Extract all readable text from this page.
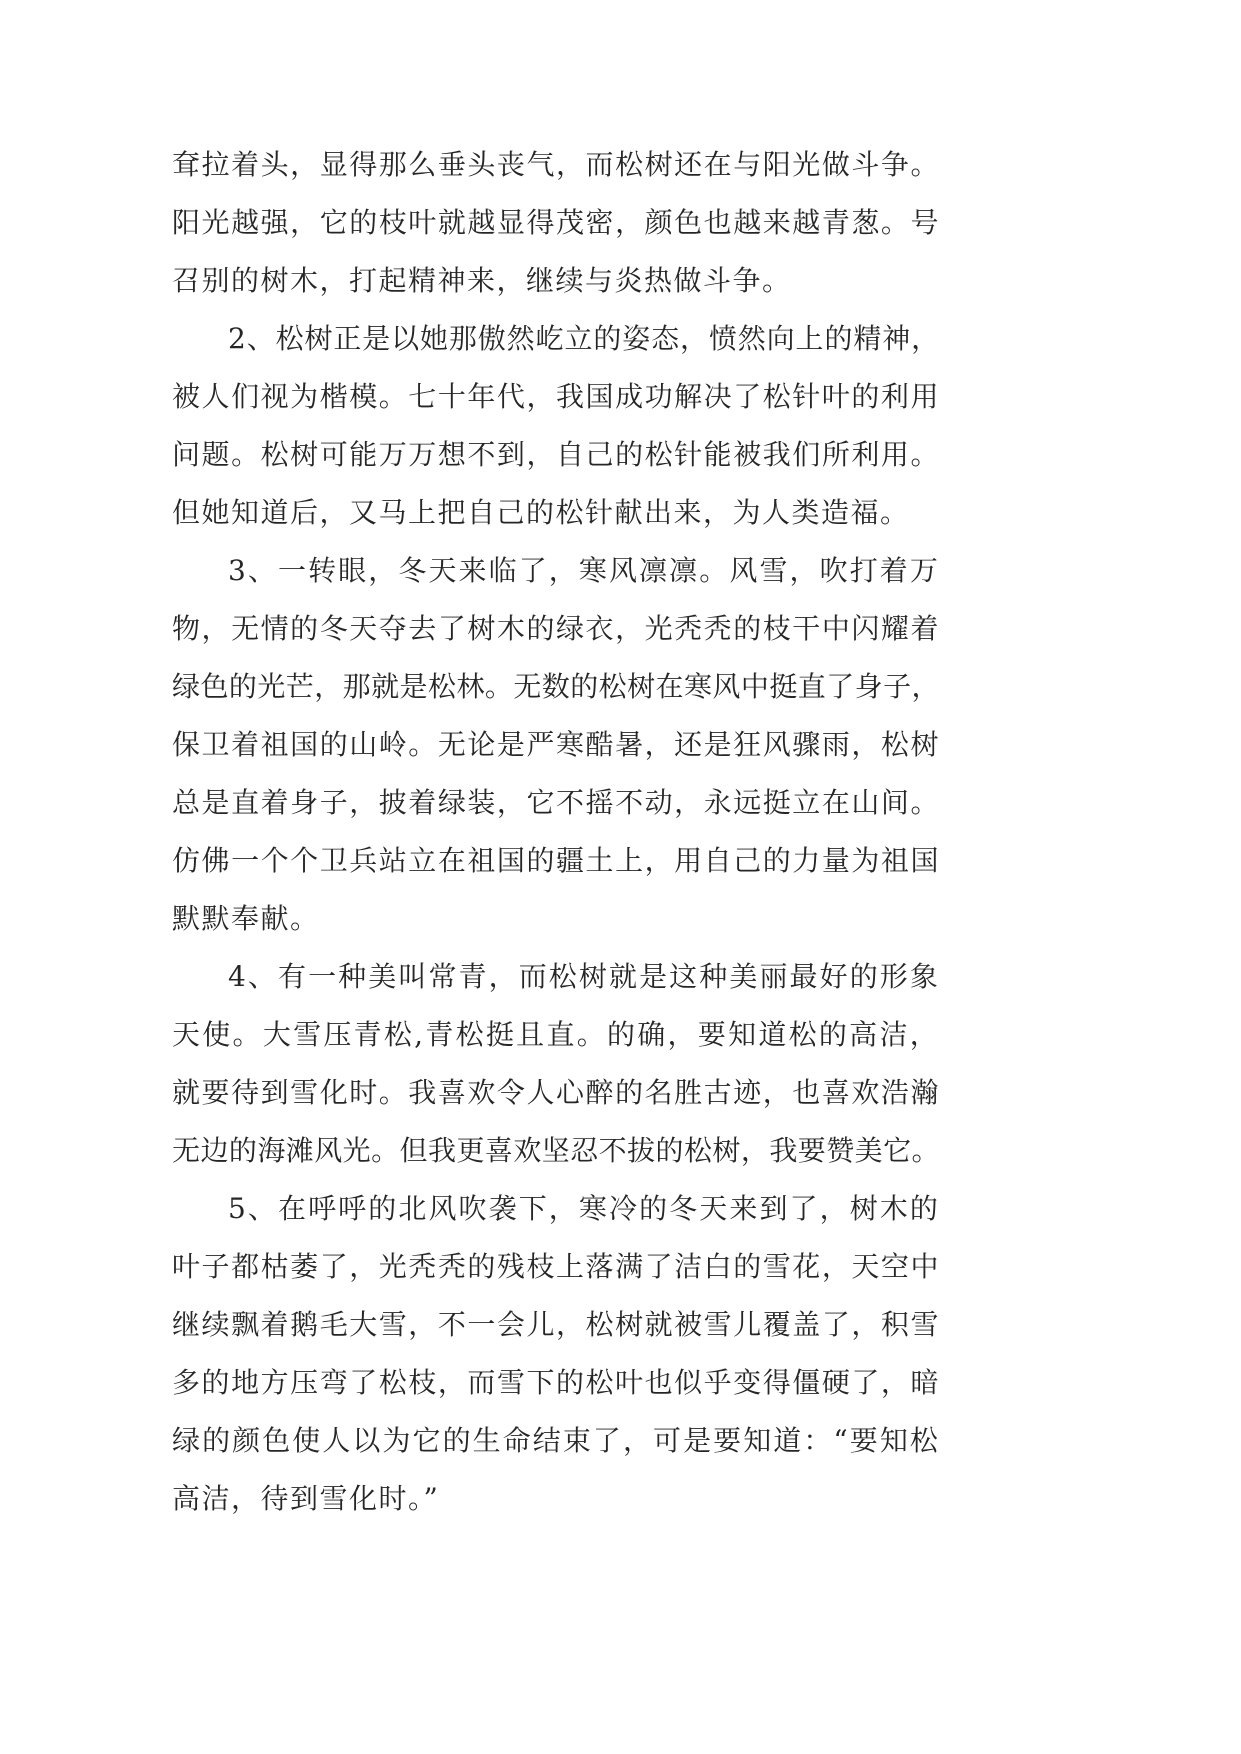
耷拉着头，显得那么垂头丧气，而松树还在与阳光做斗争。
阳光越强，它的枝叶就越显得茂密，颜色也越来越青葱。号
召别的树木，打起精神来，继续与炎热做斗争。
2、松树正是以她那傲然屹立的姿态，愤然向上的精神，
被人们视为楷模。七十年代，我国成功解决了松针叶的利用
问题。松树可能万万想不到，自己的松针能被我们所利用。
但她知道后，又马上把自己的松针献出来，为人类造福。
3、一转眼，冬天来临了，寒风凛凛。风雪，吹打着万
物，无情的冬天夺去了树木的绿衣，光秃秃的枝干中闪耀着
绿色的光芒，那就是松林。无数的松树在寒风中挺直了身子，
保卫着祖国的山岭。无论是严寒酷暑，还是狂风骤雨，松树
总是直着身子，披着绿装，它不摇不动，永远挺立在山间。
仿佛一个个卫兵站立在祖国的疆土上，用自己的力量为祖国
默默奉献。
4、有一种美叫常青，而松树就是这种美丽最好的形象
天使。大雪压青松,青松挺且直。的确，要知道松的高洁，
就要待到雪化时。我喜欢令人心醉的名胜古迹，也喜欢浩瀚
无边的海滩风光。但我更喜欢坚忍不拔的松树，我要赞美它。
5、在呼呼的北风吹袭下，寒冷的冬天来到了，树木的
叶子都枯萎了，光秃秃的残枝上落满了洁白的雪花，天空中
继续飘着鹅毛大雪，不一会儿，松树就被雪儿覆盖了，积雪
多的地方压弯了松枝，而雪下的松叶也似乎变得僵硬了，暗
绿的颜色使人以为它的生命结束了，可是要知道：“要知松
高洁，待到雪化时。”
